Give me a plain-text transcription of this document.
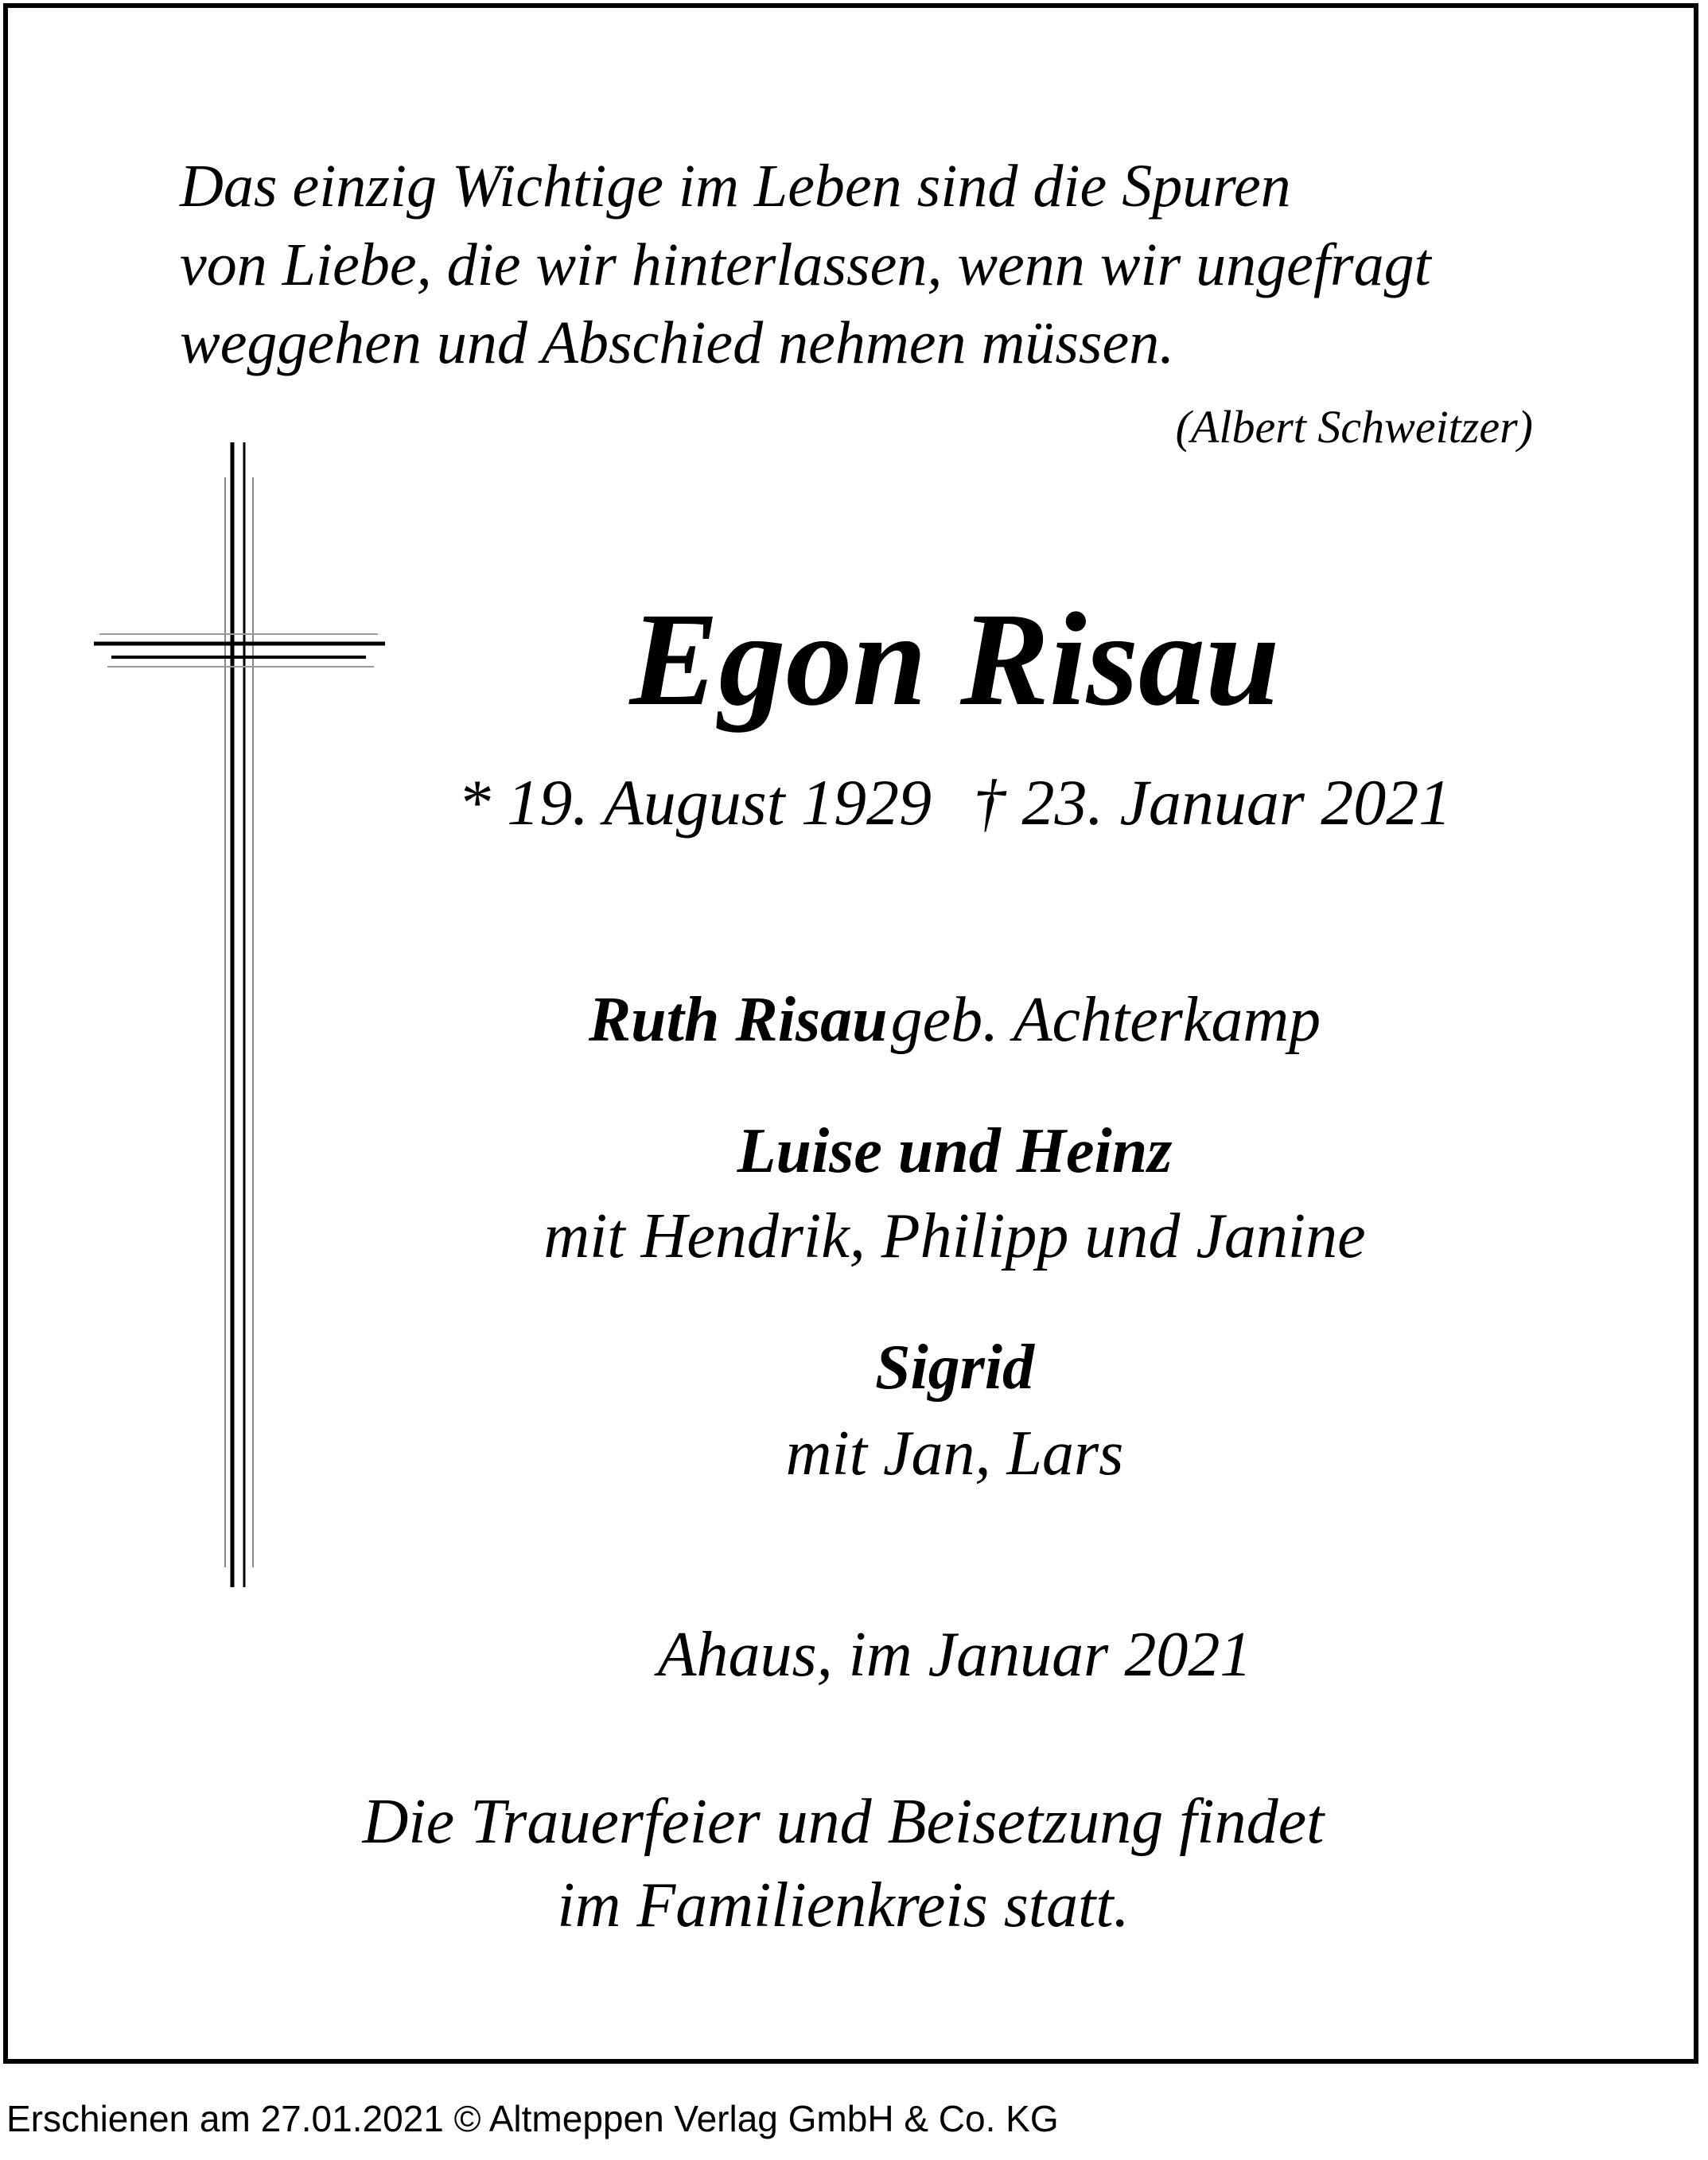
Das einzig Wichtige im Leben sind die Spuren
von Liebe, die wir hinterlassen, wenn wir ungefragt
weggehen und Abschied nehmen müssen.
(Albert Schweitzer)
Egon Risau
* 19. August 1929 † 23. Januar 2021
Ruth Risau geb. Achterkamp
Luise und Heinz
mit Hendrik, Philipp und Janine
Sigrid
mit Jan, Lars
Ahaus, im Januar 2021
Die Trauerfeier und Beisetzung findet
im Familienkreis statt.
Erschienen am 27.01.2021 © Altmeppen Verlag GmbH & Co. KG
